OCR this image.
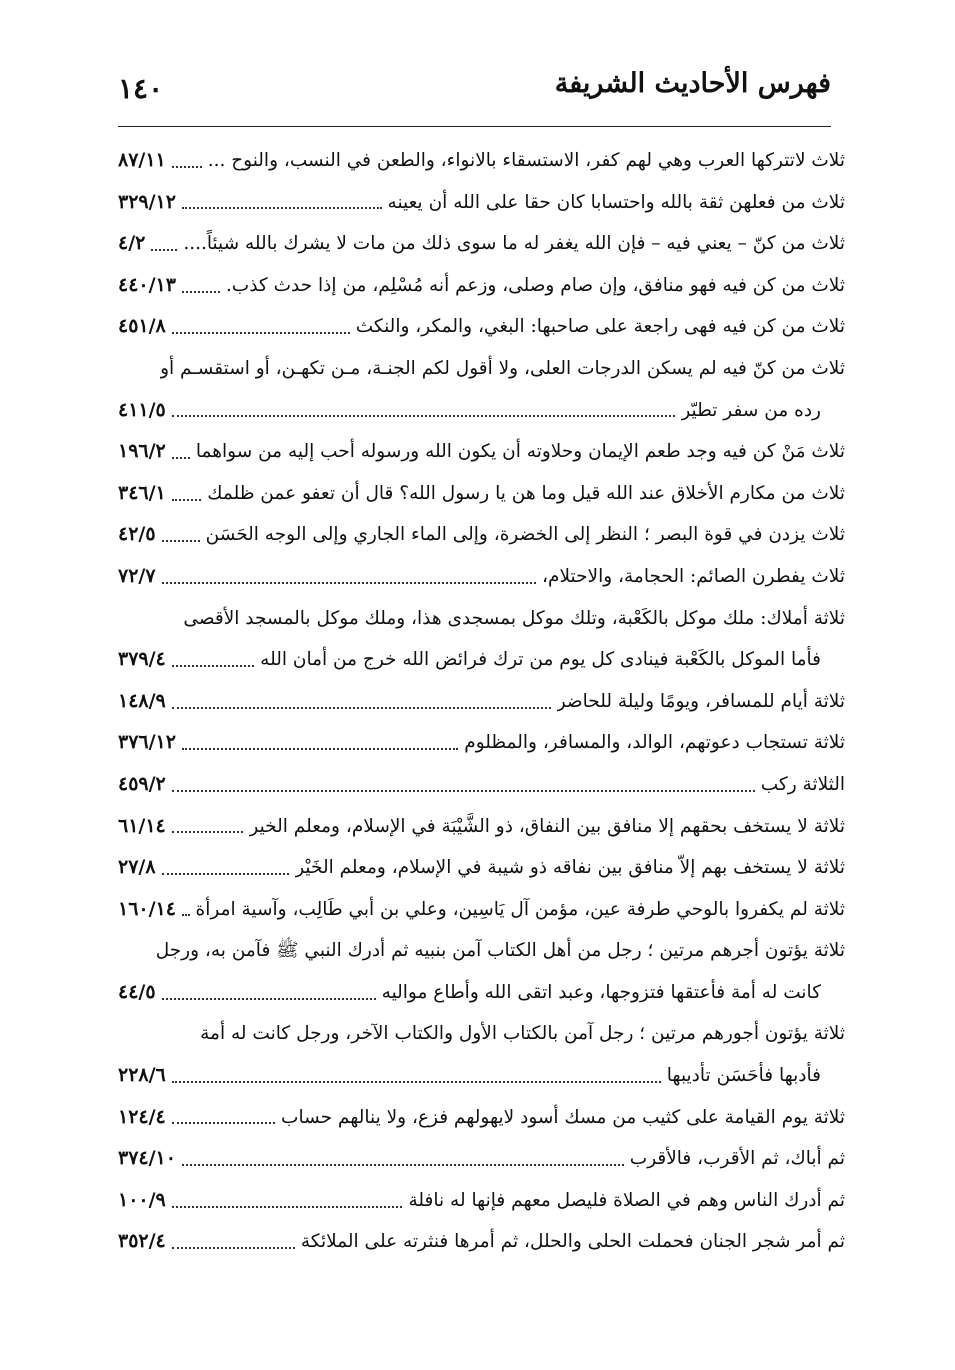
١٤٠	فهرس الأحاديث الشريفة
ثلاث لاتتركها العرب وهي لهم كفر، الاستسقاء بالانواء، والطعن في النسب، والنوح ...
٨٧/١١
ثلاث من فعلهن ثقة بالله واحتسابا كان حقا على الله أن يعينه
٣٢٩/١٢
ثلاث من كنّ – يعني فيه – فإن الله يغفر له ما سوى ذلك من مات لا يشرك بالله شيئاً....
٤/٢
ثلاث من كن فيه فهو منافق، وإن صام وصلى، وزعم أنه مُسْلِم، من إذا حدث كذب.
٤٤٠/١٣
ثلاث من كن فيه فهى راجعة على صاحبها: البغي، والمكر، والنكث
٤٥١/٨
ثلاث من كنّ فيه لم يسكن الدرجات العلى، ولا أقول لكم الجنـة، مـن تكهـن، أو استقسـم أو
رده من سفر تطيّر
٤١١/٥
ثلاث مَنْ كن فيه وجد طعم الإيمان وحلاوته أن يكون الله ورسوله أحب إليه من سواهما
١٩٦/٢
ثلاث من مكارم الأخلاق عند الله قيل وما هن يا رسول الله؟ قال أن تعفو عمن ظلمك
٣٤٦/١
ثلاث يزدن في قوة البصر ؛ النظر إلى الخضرة، وإلى الماء الجاري وإلى الوجه الحَسَن
٤٢/٥
ثلاث يفطرن الصائم: الحجامة، والاحتلام،
٧٢/٧
ثلاثة أملاك: ملك موكل بالكَعْبة، وتلك موكل بمسجدى هذا، وملك موكل بالمسجد الأقصى
فأما الموكل بالكَعْبة فينادى كل يوم من ترك فرائض الله خرج من أمان الله
٣٧٩/٤
ثلاثة أيام للمسافر، ويومًا وليلة للحاضر
١٤٨/٩
ثلاثة تستجاب دعوتهم، الوالد، والمسافر، والمظلوم
٣٧٦/١٢
الثلاثة ركب
٤٥٩/٢
ثلاثة لا يستخف بحقهم إلا منافق بين النفاق، ذو الشَّيْبَة في الإسلام، ومعلم الخير
٦١/١٤
ثلاثة لا يستخف بهم إلاّ منافق بين نفاقه ذو شيبة في الإسلام، ومعلم الخَيْر
٢٧/٨
ثلاثة لم يكفروا بالوحي طرفة عين، مؤمن آل يَاسِين، وعلي بن أبي طَالِب، وآسية امرأة
١٦٠/١٤
ثلاثة يؤتون أجرهم مرتين ؛ رجل من أهل الكتاب آمن بنبيه ثم أدرك النبي ﷺ فآمن به، ورجل
كانت له أمة فأعتقها فتزوجها، وعبد اتقى الله وأطاع مواليه
٤٤/٥
ثلاثة يؤتون أجورهم مرتين ؛ رجل آمن بالكتاب الأول والكتاب الآخر، ورجل كانت له أمة
فأدبها فأحَسَن تأديبها
٢٢٨/٦
ثلاثة يوم القيامة على كثيب من مسك أسود لايهولهم فزع، ولا ينالهم حساب
١٢٤/٤
ثم أباك، ثم الأقرب، فالأقرب
٣٧٤/١٠
ثم أدرك الناس وهم في الصلاة فليصل معهم فإنها له نافلة
١٠٠/٩
ثم أمر شجر الجنان فحملت الحلى والحلل، ثم أمرها فنثرته على الملائكة
٣٥٢/٤
